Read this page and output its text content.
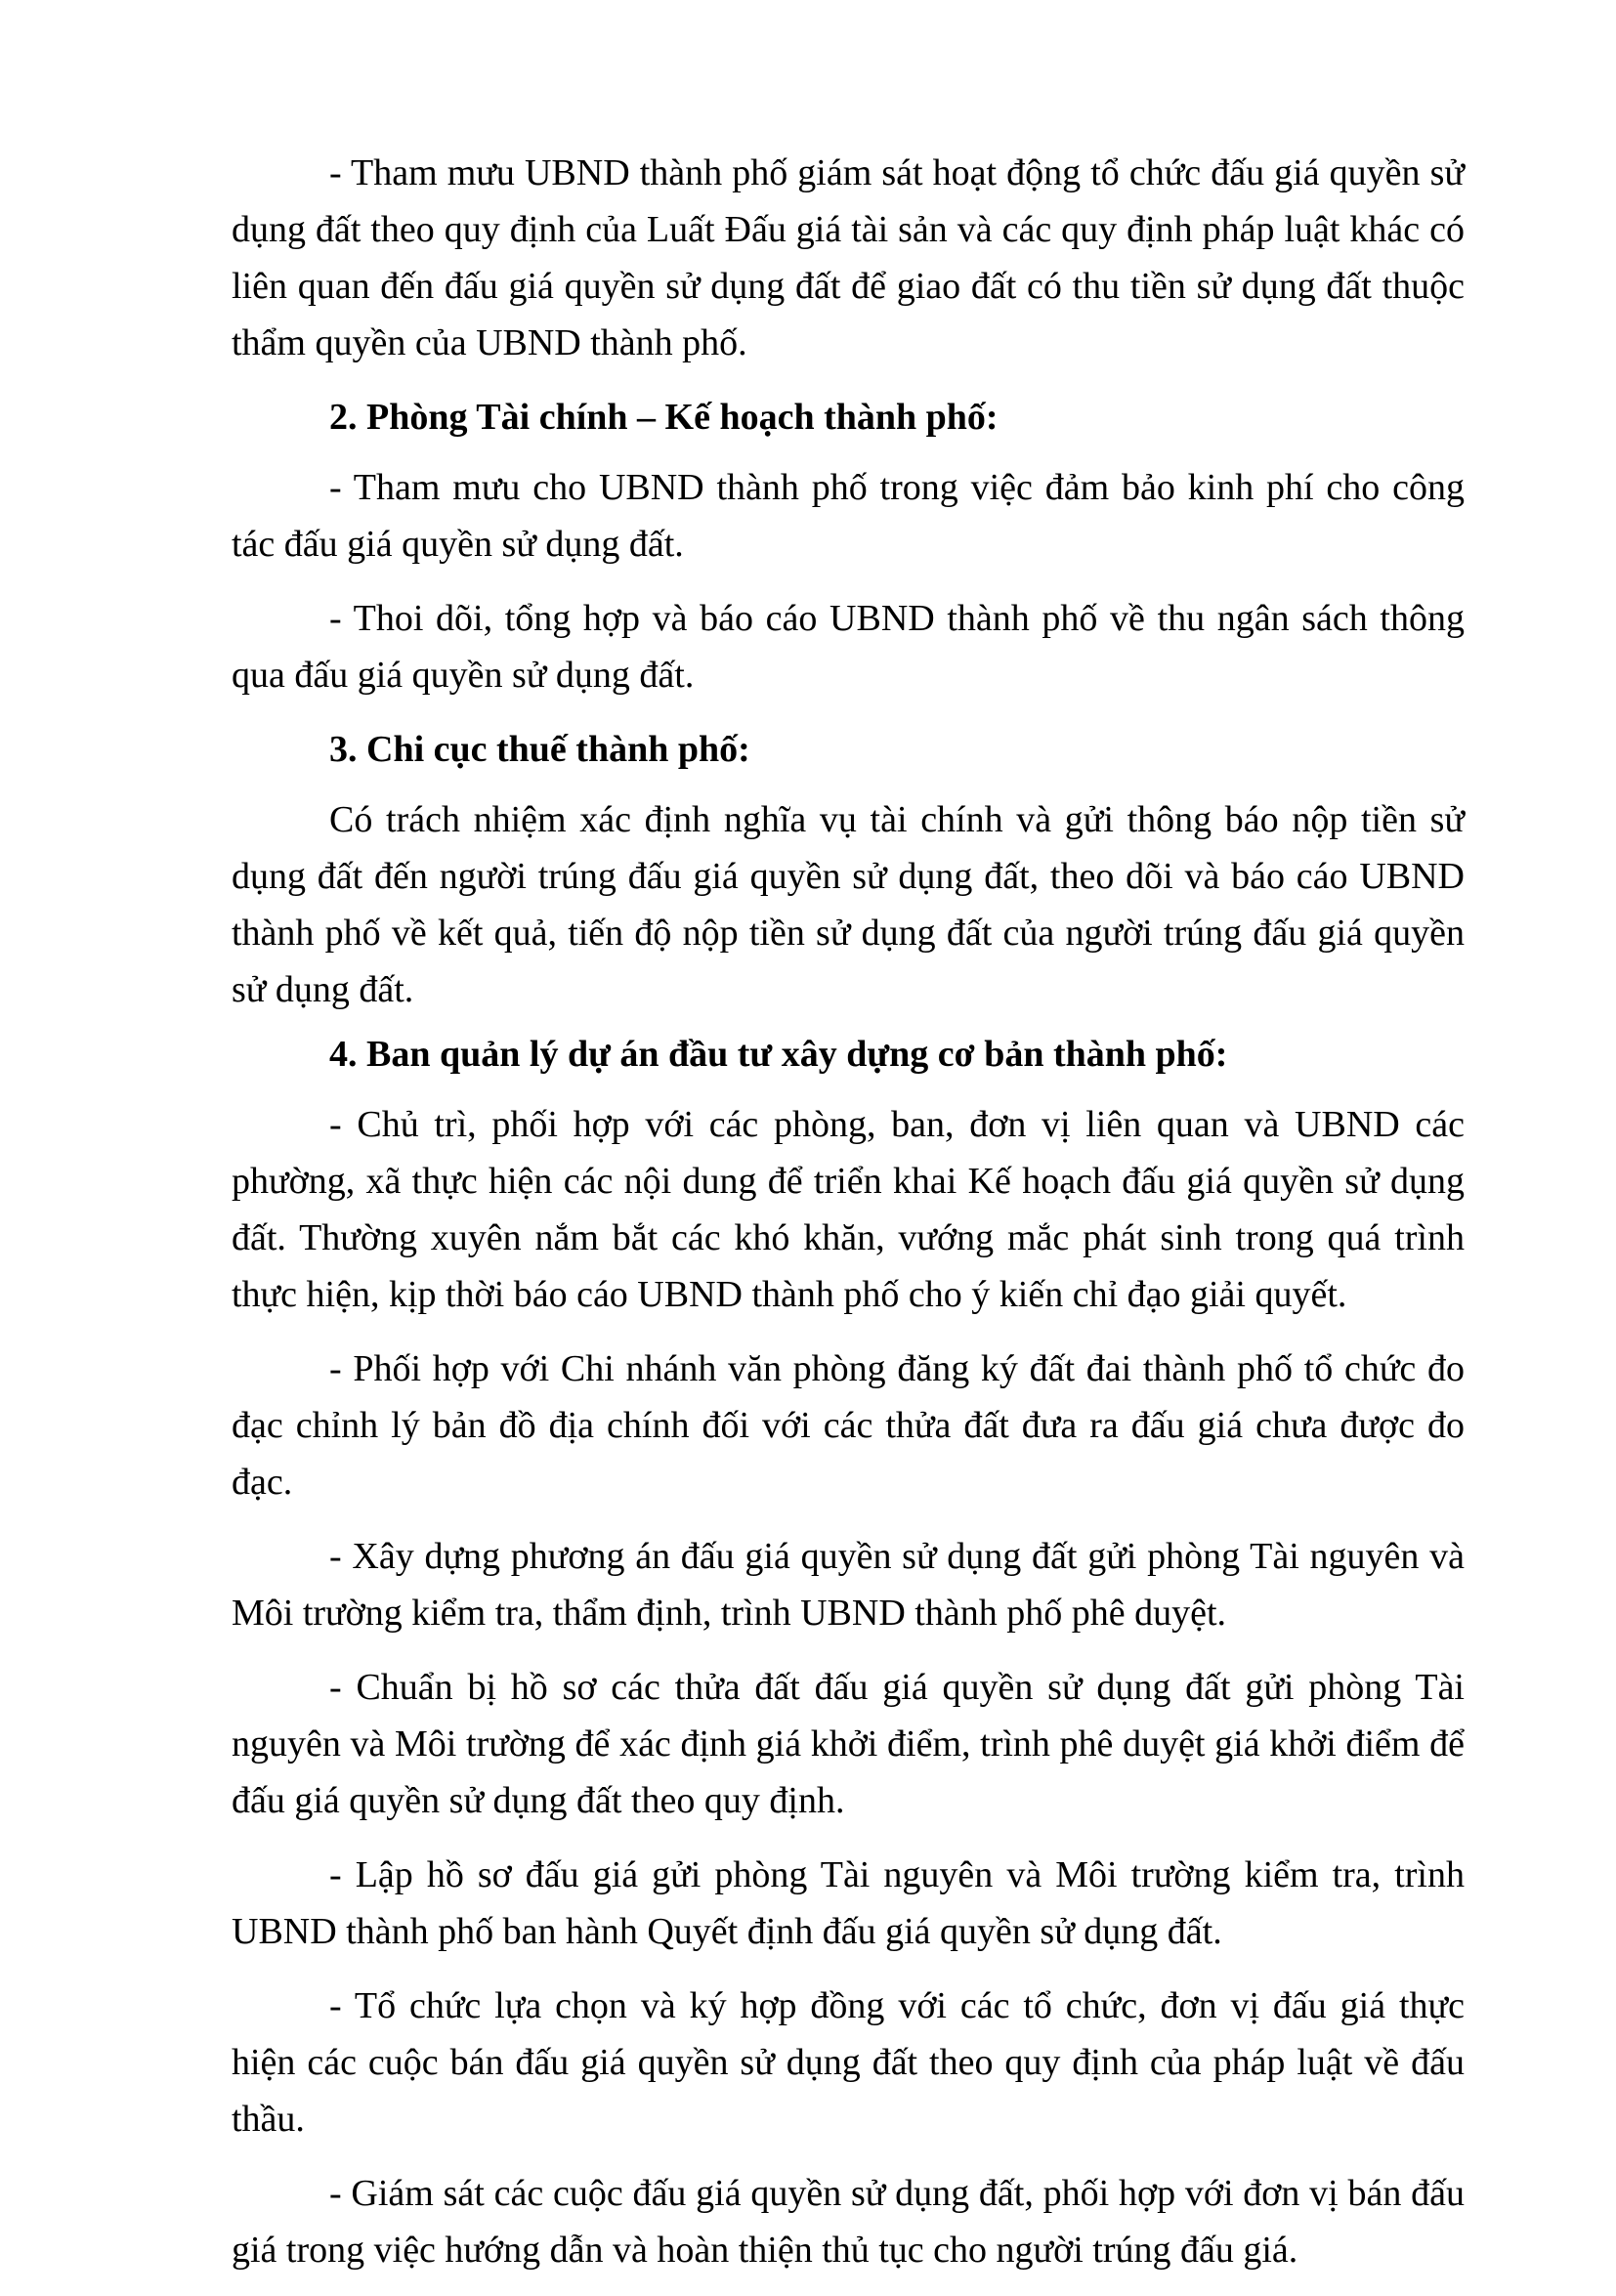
- Tham mưu UBND thành phố giám sát hoạt động tổ chức đấu giá quyền sử dụng đất theo quy định của Luất Đấu giá tài sản và các quy định pháp luật khác có liên quan đến đấu giá quyền sử dụng đất để giao đất có thu tiền sử dụng đất thuộc thẩm quyền của UBND thành phố.

2. Phòng Tài chính – Kế hoạch thành phố:

- Tham mưu cho UBND thành phố trong việc đảm bảo kinh phí cho công tác đấu giá quyền sử dụng đất.

- Thoi dõi, tổng hợp và báo cáo UBND thành phố về thu ngân sách thông qua đấu giá quyền sử dụng đất.

3. Chi cục thuế thành phố:

Có trách nhiệm xác định nghĩa vụ tài chính và gửi thông báo nộp tiền sử dụng đất đến người trúng đấu giá quyền sử dụng đất, theo dõi và báo cáo UBND thành phố về kết quả, tiến độ nộp tiền sử dụng đất của người trúng đấu giá quyền sử dụng đất.

4. Ban quản lý dự án đầu tư xây dựng cơ bản thành phố:

- Chủ trì, phối hợp với các phòng, ban, đơn vị liên quan và UBND các phường, xã thực hiện các nội dung để triển khai Kế hoạch đấu giá quyền sử dụng đất. Thường xuyên nắm bắt các khó khăn, vướng mắc phát sinh trong quá trình thực hiện, kịp thời báo cáo UBND thành phố cho ý kiến chỉ đạo giải quyết.

- Phối hợp với Chi nhánh văn phòng đăng ký đất đai thành phố tổ chức đo đạc chỉnh lý bản đồ địa chính đối với các thửa đất đưa ra đấu giá chưa được đo đạc.

- Xây dựng phương án đấu giá quyền sử dụng đất gửi phòng Tài nguyên và Môi trường kiểm tra, thẩm định, trình UBND thành phố phê duyệt.

- Chuẩn bị hồ sơ các thửa đất đấu giá quyền sử dụng đất gửi phòng Tài nguyên và Môi trường để xác định giá khởi điểm, trình phê duyệt giá khởi điểm để đấu giá quyền sử dụng đất theo quy định.

- Lập hồ sơ đấu giá gửi phòng Tài nguyên và Môi trường kiểm tra, trình UBND thành phố ban hành Quyết định đấu giá quyền sử dụng đất.

- Tổ chức lựa chọn và ký hợp đồng với các tổ chức, đơn vị đấu giá thực hiện các cuộc bán đấu giá quyền sử dụng đất theo quy định của pháp luật về đấu thầu.

- Giám sát các cuộc đấu giá quyền sử dụng đất, phối hợp với đơn vị bán đấu giá trong việc hướng dẫn và hoàn thiện thủ tục cho người trúng đấu giá.
